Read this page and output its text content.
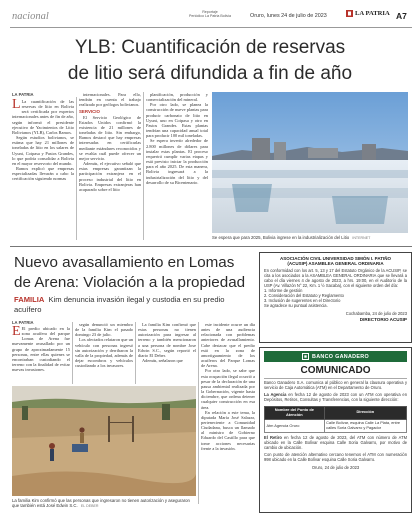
nacional	Reportaje
Periódico La Patria Bolivia	Oruro, lunes 24 de julio de 2023	LA PATRIA A7
YLB: Cuantificación de reservas
de litio será difundida a fin de año
LA PATRIA
L La cuantificación de las reservas de litio en Bolivia será certificada por expertos internacionales antes de fin de año, según informó el presidente ejecutivo de Yacimientos de Litio Bolivianos (YLB), Carlos Ramos.

Según estudios bolivianos, se estima que hay 21 millones de toneladas de litio en los salares de Uyuni, Coipasa y Pastos Grandes, lo que podría consolidar a Bolivia en el mayor reservorio del mundo.

Ramos explicó que empresas especializadas llevarán a cabo la certificación siguiendo normas

internacionales. Para ello, tendrán en cuenta el trabajo realizado por geólogos bolivianos.

SERVICIO

El Servicio Geológico de Estados Unidos confirmó la existencia de 21 millones de toneladas de litio. Sin embargo, Ramos destacó que hay empresas interesadas en certificarlas mediante estándares reconocidos y se evalúa cuál puede ofrecer un mejor servicio.

Además, el ejecutivo señaló que estas empresas garantizan la participación extranjera en el proceso industrial del litio en Bolivia. Empresas extranjeras han acaparado sobre el litio

planificación, producción y comercialización del mineral.

Por otro lado, se planea la construcción de nueve plantas para producir carbonato de litio en Uyuni, uno en Coipasa y otro en Pastos Grandes. Estas plantas tendrían una capacidad anual total para producir 100 mil toneladas.

Se espera invertir alrededor de 2.800 millones de dólares para instalar estas plantas. El proceso requerirá cumplir varias etapas y está previsto iniciar la producción para el año 2025. De esta manera, Bolivia ingresará a la industrialización del litio y del desarrollo de su Bicentenario.

Se espera que para 2025, Bolivia ingrese en la industrialización del Litio INTERNET
Nuevo avasallamiento en Lomas
de Arena: Violación a la propiedad
FAMILIA Kim denuncia invasión ilegal y custodia en su predio
acuífero
LA PATRIA
E El predio ubicado en la zona acuífera del parque Lomas de Arena fue nuevamente avasallado por un grupo de aproximadamente 15 personas, entre ellas quienes se encontraban custodiando el terreno con la finalidad de evitar nuevas invasiones.

según denunció un miembro de la familia Kim el pasado domingo 23 de julio.

Los afectados relataron que un vehículo con personas ingresó sin autorización y derribaron la valla de la propiedad, además de dejar escombros y vehículos custodiando a los invasores.

La familia Kim confirmó que estas personas no tienen autorización para ingresar al terreno y también mencionaron a una persona de nombre Jose Edwin S.C., según reportó el diario El Deber.

Además, señalaron que

este incidente ocurre un día antes de una audiencia relacionada con problemas anteriores de avasallamiento. Cabe destacar que el predio está en la zona de amortiguamiento de los acuíferos del Parque Lomas de Arena.

Por otro lado, se sabe que esta ocupación ilegal ocurrió a pesar de la declaración de una pausa ambiental realizada por la Gobernación, vigente hasta diciembre, que ordena detener cualquier construcción en esa área.

En relación a este tema, la diputada María José Salazar, perteneciente a Comunidad Ciudadana, busca un llamado al ministro de Gobierno Eduardo del Castillo para que tome acciones necesarias frente a la invasión.

La familia Kim confirmó que las personas que ingresaron no tienen autorización y aseguraron que también está José Edwin S.C. EL DEBER
ASOCIACIÓN CIVIL UNIVERSIDAD SIMÓN I. PATIÑO
(ACUSIP) ASAMBLEA GENERAL ORDINARIA

En conformidad con los art. 5, 13 y 17 del Estatuto Orgánico de la ACUSIP, se cita a los asociados a la ASAMBLEA GENERAL ORDINARIA que se llevará a cabo el día viernes 4 de agosto de 2023, a hrs. 19:00, en el Auditorio de la USP (Av. Villazón N° 22, Km. 1 ½ Sacaba), con el siguiente orden del día:

1. Informe de gestión
2. Consideración del Estatuto y Reglamento
3. Inclusión de sugerentes en el Directorio
Se agradece su puntual asistencia.
Cochabamba, 24 de julio de 2023
DIRECTORIO ACUSIP
BANCO GANADERO
COMUNICADO

Banco Ganadero S.A. comunica al público en general la clausura operativa y servicio de Caja Automática (ATM) en el Departamento de Oruro.

La Agencia en fecha 12 de agosto de 2023 con un ATM con operativa en Depósitos, Retiros, Consultas y Transferencias, con la siguiente dirección:

Nombre del Punto de Atención	Dirección
Atm Agencia Oruro	Calle Bolívar, esquina Calle La Plata, entre calles Soria Galvarro y Pagador

El Retiro en fecha 12 de agosto de 2023, del ATM con número de ATM ubicado en la Calle Bolívar esquina Calle Soria Galvarro, por motivo de cambio de ubicación.

Con punto de atención alternativo cercano tenemos el ATM con numeración 998 ubicado en la Calle Bolívar esquina Calle Soria Galvarro.

Oruro, 24 de julio de 2023
